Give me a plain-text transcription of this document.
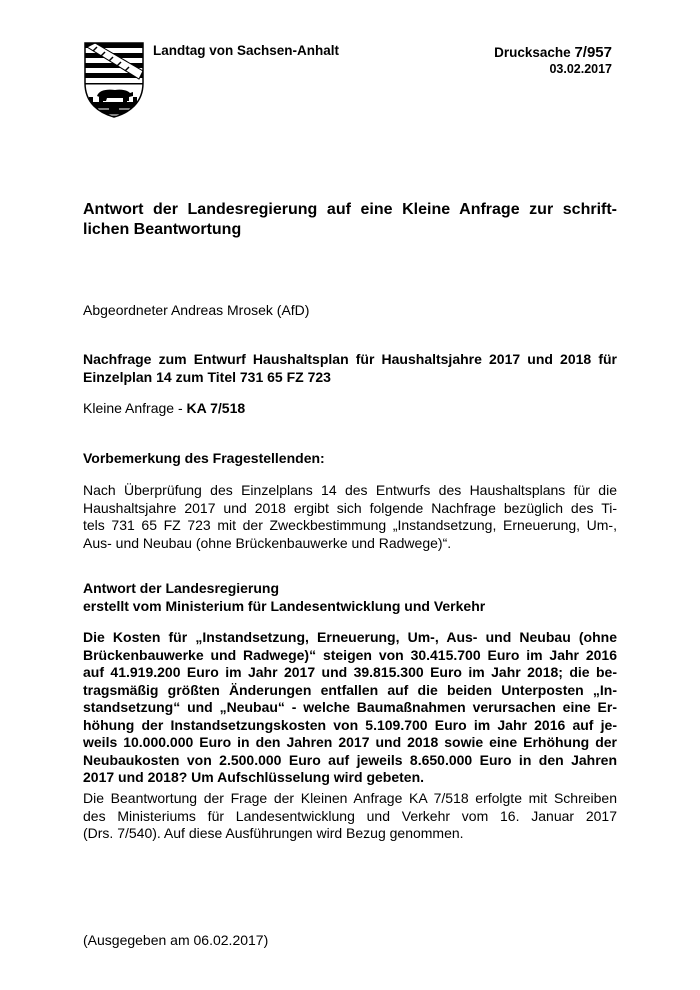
Landtag von Sachsen-Anhalt	Drucksache 7/957
03.02.2017
Antwort der Landesregierung auf eine Kleine Anfrage zur schrift-
lichen Beantwortung
Abgeordneter Andreas Mrosek (AfD)
Nachfrage zum Entwurf Haushaltsplan für Haushaltsjahre 2017 und 2018 für
Einzelplan 14 zum Titel 731 65 FZ 723
Kleine Anfrage - KA 7/518
Vorbemerkung des Fragestellenden:
Nach Überprüfung des Einzelplans 14 des Entwurfs des Haushaltsplans für die
Haushaltsjahre 2017 und 2018 ergibt sich folgende Nachfrage bezüglich des Ti-
tels 731 65 FZ 723 mit der Zweckbestimmung „Instandsetzung, Erneuerung, Um-,
Aus- und Neubau (ohne Brückenbauwerke und Radwege)“.
Antwort der Landesregierung
erstellt vom Ministerium für Landesentwicklung und Verkehr
Die Kosten für „Instandsetzung, Erneuerung, Um-, Aus- und Neubau (ohne
Brückenbauwerke und Radwege)“ steigen von 30.415.700 Euro im Jahr 2016
auf 41.919.200 Euro im Jahr 2017 und 39.815.300 Euro im Jahr 2018; die be-
tragsmäßig größten Änderungen entfallen auf die beiden Unterposten „In-
standsetzung“ und „Neubau“ - welche Baumaßnahmen verursachen eine Er-
höhung der Instandsetzungskosten von 5.109.700 Euro im Jahr 2016 auf je-
weils 10.000.000 Euro in den Jahren 2017 und 2018 sowie eine Erhöhung der
Neubaukosten von 2.500.000 Euro auf jeweils 8.650.000 Euro in den Jahren
2017 und 2018? Um Aufschlüsselung wird gebeten.
Die Beantwortung der Frage der Kleinen Anfrage KA 7/518 erfolgte mit Schreiben
des Ministeriums für Landesentwicklung und Verkehr vom 16. Januar 2017
(Drs. 7/540). Auf diese Ausführungen wird Bezug genommen.
(Ausgegeben am 06.02.2017)
